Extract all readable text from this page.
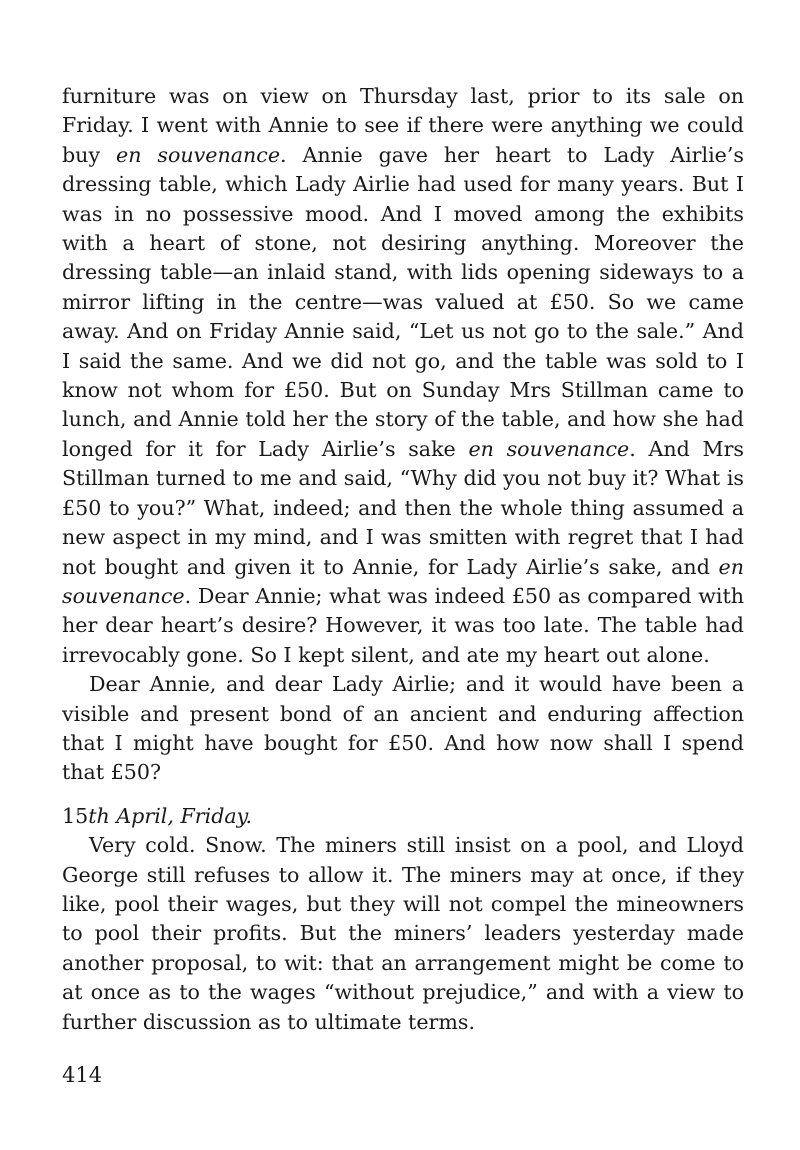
furniture was on view on Thursday last, prior to its sale on Friday. I went with Annie to see if there were anything we could buy en souvenance. Annie gave her heart to Lady Airlie’s dressing table, which Lady Airlie had used for many years. But I was in no possessive mood. And I moved among the exhibits with a heart of stone, not desiring anything. Moreover the dressing table—an inlaid stand, with lids opening sideways to a mirror lifting in the centre—was valued at £50. So we came away. And on Friday Annie said, “Let us not go to the sale.” And I said the same. And we did not go, and the table was sold to I know not whom for £50. But on Sunday Mrs Stillman came to lunch, and Annie told her the story of the table, and how she had longed for it for Lady Airlie’s sake en souvenance. And Mrs Stillman turned to me and said, “Why did you not buy it? What is £50 to you?” What, indeed; and then the whole thing assumed a new aspect in my mind, and I was smitten with regret that I had not bought and given it to Annie, for Lady Airlie’s sake, and en souvenance. Dear Annie; what was indeed £50 as compared with her dear heart’s desire? However, it was too late. The table had irrevocably gone. So I kept silent, and ate my heart out alone.

Dear Annie, and dear Lady Airlie; and it would have been a visible and present bond of an ancient and enduring affection that I might have bought for £50. And how now shall I spend that £50?

15th April, Friday.

Very cold. Snow. The miners still insist on a pool, and Lloyd George still refuses to allow it. The miners may at once, if they like, pool their wages, but they will not compel the mineowners to pool their profits. But the miners’ leaders yesterday made another proposal, to wit: that an arrangement might be come to at once as to the wages “without prejudice,” and with a view to further discussion as to ultimate terms.

414
